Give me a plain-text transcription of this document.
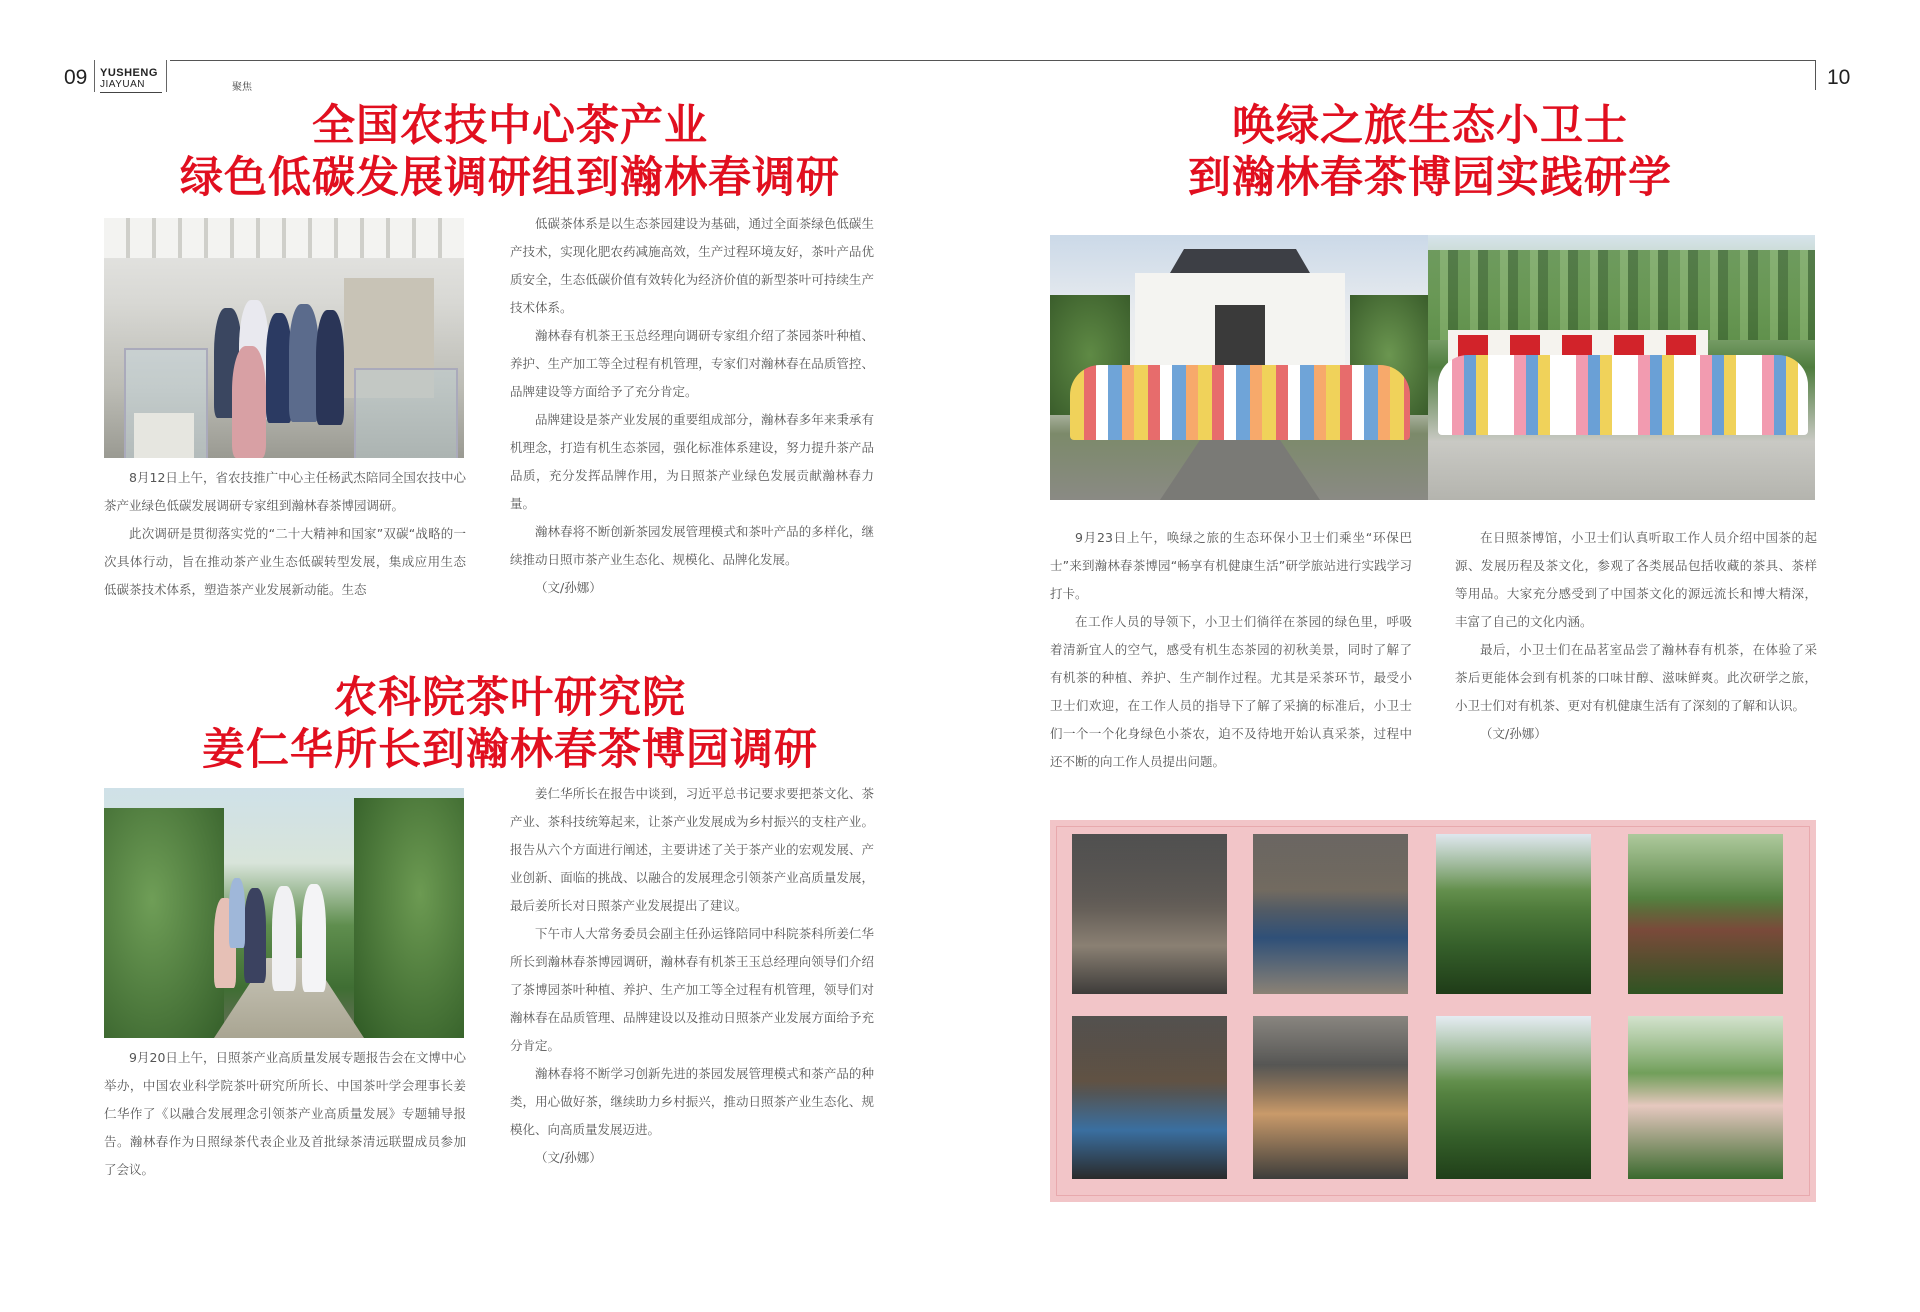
09 YUSHENG
JIAYUAN	聚焦	10
全国农技中心茶产业
绿色低碳发展调研组到瀚林春调研

8月12日上午，省农技推广中心主任杨武杰陪同全国农技中心茶产业绿色低碳发展调研专家组到瀚林春茶博园调研。

此次调研是贯彻落实党的“二十大精神和国家”双碳“战略的一次具体行动，旨在推动茶产业生态低碳转型发展，集成应用生态低碳茶技术体系，塑造茶产业发展新动能。生态

低碳茶体系是以生态茶园建设为基础，通过全面茶绿色低碳生产技术，实现化肥农药减施高效，生产过程环境友好，茶叶产品优质安全，生态低碳价值有效转化为经济价值的新型茶叶可持续生产技术体系。

瀚林春有机茶王玉总经理向调研专家组介绍了茶园茶叶种植、养护、生产加工等全过程有机管理，专家们对瀚林春在品质管控、品牌建设等方面给予了充分肯定。

品牌建设是茶产业发展的重要组成部分，瀚林春多年来秉承有机理念，打造有机生态茶园，强化标准体系建设，努力提升茶产品品质，充分发挥品牌作用，为日照茶产业绿色发展贡献瀚林春力量。

瀚林春将不断创新茶园发展管理模式和茶叶产品的多样化，继续推动日照市茶产业生态化、规模化、品牌化发展。

（文/孙娜）

农科院茶叶研究院
姜仁华所长到瀚林春茶博园调研

9月20日上午，日照茶产业高质量发展专题报告会在文博中心举办，中国农业科学院茶叶研究所所长、中国茶叶学会理事长姜仁华作了《以融合发展理念引领茶产业高质量发展》专题辅导报告。瀚林春作为日照绿茶代表企业及首批绿茶清远联盟成员参加了会议。

姜仁华所长在报告中谈到，习近平总书记要求要把茶文化、茶产业、茶科技统筹起来，让茶产业发展成为乡村振兴的支柱产业。报告从六个方面进行阐述，主要讲述了关于茶产业的宏观发展、产业创新、面临的挑战、以融合的发展理念引领茶产业高质量发展，最后姜所长对日照茶产业发展提出了建议。

下午市人大常务委员会副主任孙运锋陪同中科院茶科所姜仁华所长到瀚林春茶博园调研，瀚林春有机茶王玉总经理向领导们介绍了茶博园茶叶种植、养护、生产加工等全过程有机管理，领导们对瀚林春在品质管理、品牌建设以及推动日照茶产业发展方面给予充分肯定。

瀚林春将不断学习创新先进的茶园发展管理模式和茶产品的种类，用心做好茶，继续助力乡村振兴，推动日照茶产业生态化、规模化、向高质量发展迈进。

（文/孙娜）

唤绿之旅生态小卫士
到瀚林春茶博园实践研学

9月23日上午，唤绿之旅的生态环保小卫士们乘坐“环保巴士”来到瀚林春茶博园“畅享有机健康生活”研学旅站进行实践学习打卡。

在工作人员的导领下，小卫士们徜徉在茶园的绿色里，呼吸着清新宜人的空气，感受有机生态茶园的初秋美景，同时了解了有机茶的种植、养护、生产制作过程。尤其是采茶环节，最受小卫士们欢迎，在工作人员的指导下了解了采摘的标准后，小卫士们一个一个化身绿色小茶农，迫不及待地开始认真采茶，过程中还不断的向工作人员提出问题。

在日照茶博馆，小卫士们认真听取工作人员介绍中国茶的起源、发展历程及茶文化，参观了各类展品包括收藏的茶具、茶样等用品。大家充分感受到了中国茶文化的源远流长和博大精深，丰富了自己的文化内涵。

最后，小卫士们在品茗室品尝了瀚林春有机茶，在体验了采茶后更能体会到有机茶的口味甘醇、滋味鲜爽。此次研学之旅，小卫士们对有机茶、更对有机健康生活有了深刻的了解和认识。

（文/孙娜）
